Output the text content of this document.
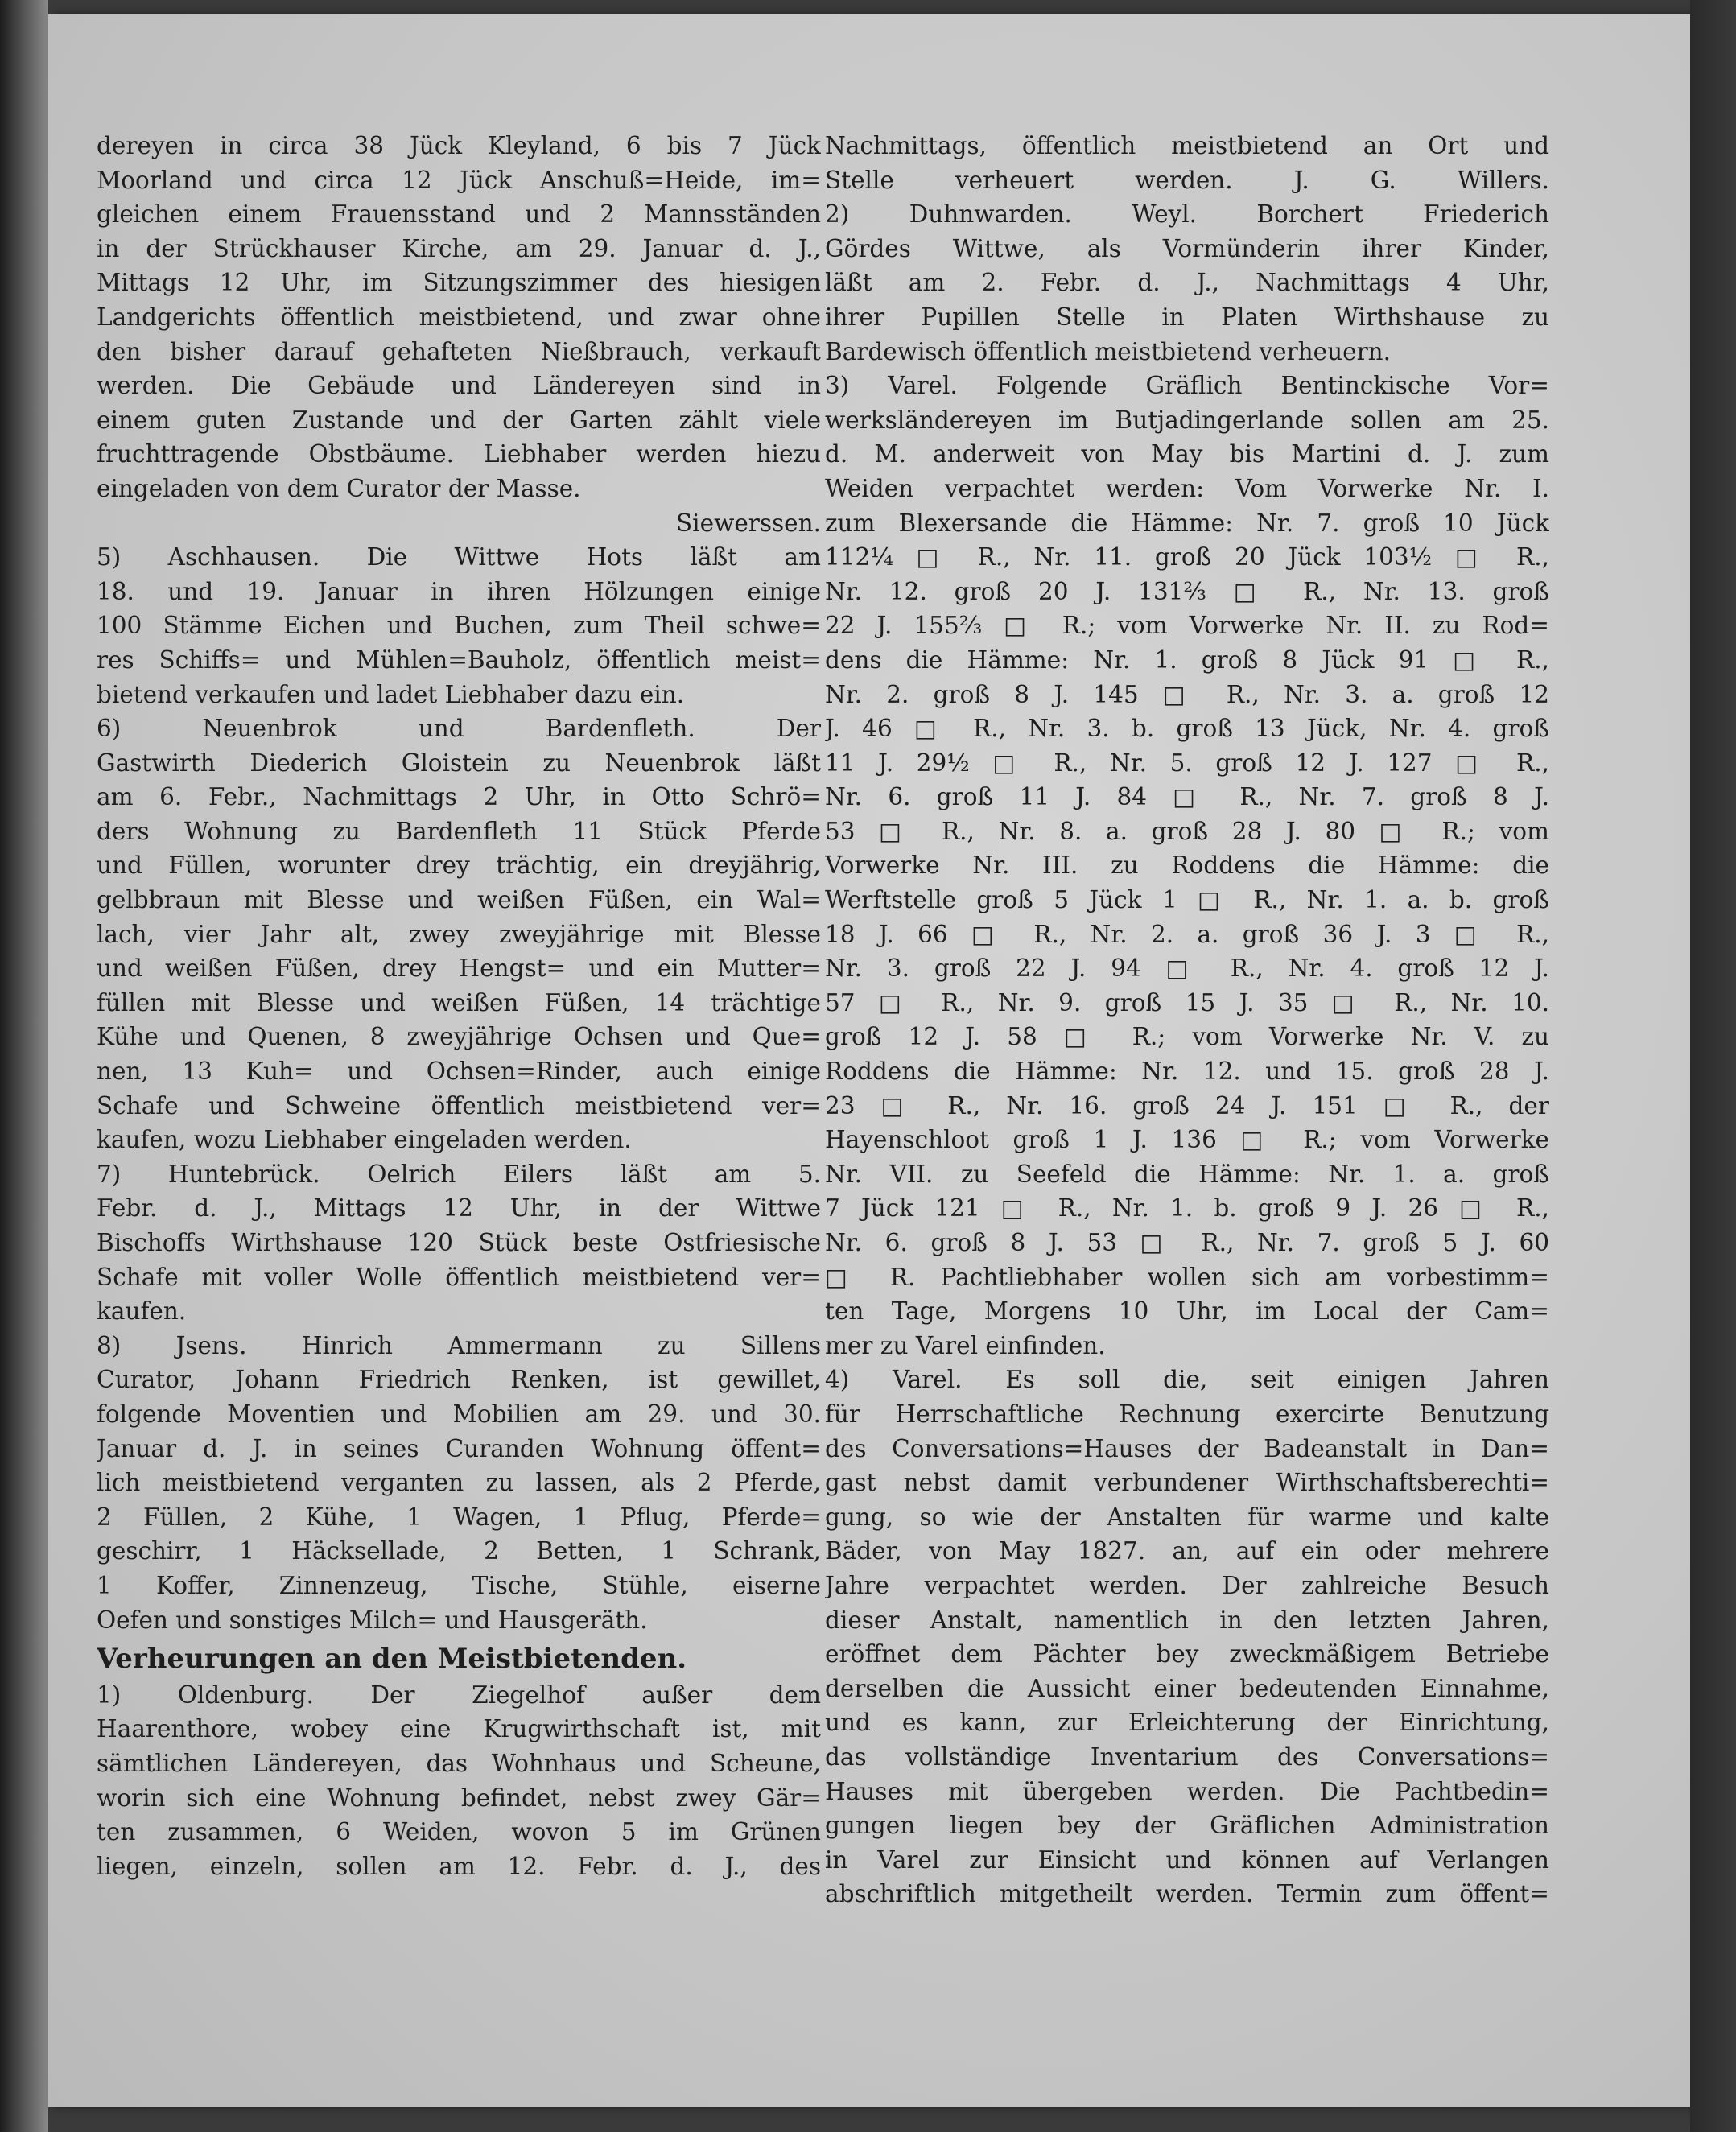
dereyen in circa 38 Jück Kleyland, 6 bis 7 Jück
Moorland und circa 12 Jück Anschuß=Heide, im=
gleichen einem Frauensstand und 2 Mannsständen
in der Strückhauser Kirche, am 29. Januar d. J.,
Mittags 12 Uhr, im Sitzungszimmer des hiesigen
Landgerichts öffentlich meistbietend, und zwar ohne
den bisher darauf gehafteten Nießbrauch, verkauft
werden. Die Gebäude und Ländereyen sind in
einem guten Zustande und der Garten zählt viele
fruchttragende Obstbäume. Liebhaber werden hiezu
eingeladen von dem Curator der Masse.
Siewerssen.
5) Aschhausen. Die Wittwe Hots läßt am
18. und 19. Januar in ihren Hölzungen einige
100 Stämme Eichen und Buchen, zum Theil schwe=
res Schiffs= und Mühlen=Bauholz, öffentlich meist=
bietend verkaufen und ladet Liebhaber dazu ein.
6) Neuenbrok und Bardenfleth. Der
Gastwirth Diederich Gloistein zu Neuenbrok läßt
am 6. Febr., Nachmittags 2 Uhr, in Otto Schrö=
ders Wohnung zu Bardenfleth 11 Stück Pferde
und Füllen, worunter drey trächtig, ein dreyjährig,
gelbbraun mit Blesse und weißen Füßen, ein Wal=
lach, vier Jahr alt, zwey zweyjährige mit Blesse
und weißen Füßen, drey Hengst= und ein Mutter=
füllen mit Blesse und weißen Füßen, 14 trächtige
Kühe und Quenen, 8 zweyjährige Ochsen und Que=
nen, 13 Kuh= und Ochsen=Rinder, auch einige
Schafe und Schweine öffentlich meistbietend ver=
kaufen, wozu Liebhaber eingeladen werden.
7) Huntebrück. Oelrich Eilers läßt am 5.
Febr. d. J., Mittags 12 Uhr, in der Wittwe
Bischoffs Wirthshause 120 Stück beste Ostfriesische
Schafe mit voller Wolle öffentlich meistbietend ver=
kaufen.
8) Jsens. Hinrich Ammermann zu Sillens
Curator, Johann Friedrich Renken, ist gewillet,
folgende Moventien und Mobilien am 29. und 30.
Januar d. J. in seines Curanden Wohnung öffent=
lich meistbietend verganten zu lassen, als 2 Pferde,
2 Füllen, 2 Kühe, 1 Wagen, 1 Pflug, Pferde=
geschirr, 1 Häcksellade, 2 Betten, 1 Schrank,
1 Koffer, Zinnenzeug, Tische, Stühle, eiserne
Oefen und sonstiges Milch= und Hausgeräth.
Verheurungen an den Meistbietenden.
1) Oldenburg. Der Ziegelhof außer dem
Haarenthore, wobey eine Krugwirthschaft ist, mit
sämtlichen Ländereyen, das Wohnhaus und Scheune,
worin sich eine Wohnung befindet, nebst zwey Gär=
ten zusammen, 6 Weiden, wovon 5 im Grünen
liegen, einzeln, sollen am 12. Febr. d. J., des
Nachmittags, öffentlich meistbietend an Ort und
Stelle verheuert werden. J. G. Willers.
2) Duhnwarden. Weyl. Borchert Friederich
Gördes Wittwe, als Vormünderin ihrer Kinder,
läßt am 2. Febr. d. J., Nachmittags 4 Uhr,
ihrer Pupillen Stelle in Platen Wirthshause zu
Bardewisch öffentlich meistbietend verheuern.
3) Varel. Folgende Gräflich Bentinckische Vor=
werksländereyen im Butjadingerlande sollen am 25.
d. M. anderweit von May bis Martini d. J. zum
Weiden verpachtet werden: Vom Vorwerke Nr. I.
zum Blexersande die Hämme: Nr. 7. groß 10 Jück
112¼ □ R., Nr. 11. groß 20 Jück 103½ □ R.,
Nr. 12. groß 20 J. 131⅔ □ R., Nr. 13. groß
22 J. 155⅔ □ R.; vom Vorwerke Nr. II. zu Rod=
dens die Hämme: Nr. 1. groß 8 Jück 91 □ R.,
Nr. 2. groß 8 J. 145 □ R., Nr. 3. a. groß 12
J. 46 □ R., Nr. 3. b. groß 13 Jück, Nr. 4. groß
11 J. 29½ □ R., Nr. 5. groß 12 J. 127 □ R.,
Nr. 6. groß 11 J. 84 □ R., Nr. 7. groß 8 J.
53 □ R., Nr. 8. a. groß 28 J. 80 □ R.; vom
Vorwerke Nr. III. zu Roddens die Hämme: die
Werftstelle groß 5 Jück 1 □ R., Nr. 1. a. b. groß
18 J. 66 □ R., Nr. 2. a. groß 36 J. 3 □ R.,
Nr. 3. groß 22 J. 94 □ R., Nr. 4. groß 12 J.
57 □ R., Nr. 9. groß 15 J. 35 □ R., Nr. 10.
groß 12 J. 58 □ R.; vom Vorwerke Nr. V. zu
Roddens die Hämme: Nr. 12. und 15. groß 28 J.
23 □ R., Nr. 16. groß 24 J. 151 □ R., der
Hayenschloot groß 1 J. 136 □ R.; vom Vorwerke
Nr. VII. zu Seefeld die Hämme: Nr. 1. a. groß
7 Jück 121 □ R., Nr. 1. b. groß 9 J. 26 □ R.,
Nr. 6. groß 8 J. 53 □ R., Nr. 7. groß 5 J. 60
□ R. Pachtliebhaber wollen sich am vorbestimm=
ten Tage, Morgens 10 Uhr, im Local der Cam=
mer zu Varel einfinden.
4) Varel. Es soll die, seit einigen Jahren
für Herrschaftliche Rechnung exercirte Benutzung
des Conversations=Hauses der Badeanstalt in Dan=
gast nebst damit verbundener Wirthschaftsberechti=
gung, so wie der Anstalten für warme und kalte
Bäder, von May 1827. an, auf ein oder mehrere
Jahre verpachtet werden. Der zahlreiche Besuch
dieser Anstalt, namentlich in den letzten Jahren,
eröffnet dem Pächter bey zweckmäßigem Betriebe
derselben die Aussicht einer bedeutenden Einnahme,
und es kann, zur Erleichterung der Einrichtung,
das vollständige Inventarium des Conversations=
Hauses mit übergeben werden. Die Pachtbedin=
gungen liegen bey der Gräflichen Administration
in Varel zur Einsicht und können auf Verlangen
abschriftlich mitgetheilt werden. Termin zum öffent=
